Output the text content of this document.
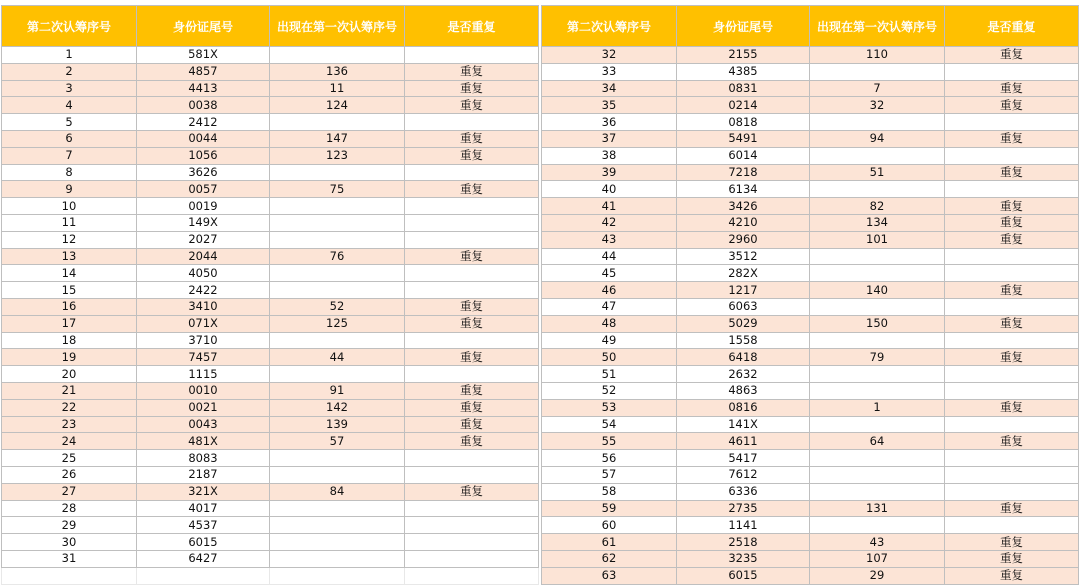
第二次认筹序号	身份证尾号	出现在第一次认筹序号	是否重复
1	581X		
2	4857	136	重复
3	4413	11	重复
4	0038	124	重复
5	2412		
6	0044	147	重复
7	1056	123	重复
8	3626		
9	0057	75	重复
10	0019		
11	149X		
12	2027		
13	2044	76	重复
14	4050		
15	2422		
16	3410	52	重复
17	071X	125	重复
18	3710		
19	7457	44	重复
20	1115		
21	0010	91	重复
22	0021	142	重复
23	0043	139	重复
24	481X	57	重复
25	8083		
26	2187		
27	321X	84	重复
28	4017		
29	4537		
30	6015		
31	6427		

第二次认筹序号	身份证尾号	出现在第一次认筹序号	是否重复
32	2155	110	重复
33	4385		
34	0831	7	重复
35	0214	32	重复
36	0818		
37	5491	94	重复
38	6014		
39	7218	51	重复
40	6134		
41	3426	82	重复
42	4210	134	重复
43	2960	101	重复
44	3512		
45	282X		
46	1217	140	重复
47	6063		
48	5029	150	重复
49	1558		
50	6418	79	重复
51	2632		
52	4863		
53	0816	1	重复
54	141X		
55	4611	64	重复
56	5417		
57	7612		
58	6336		
59	2735	131	重复
60	1141		
61	2518	43	重复
62	3235	107	重复
63	6015	29	重复
